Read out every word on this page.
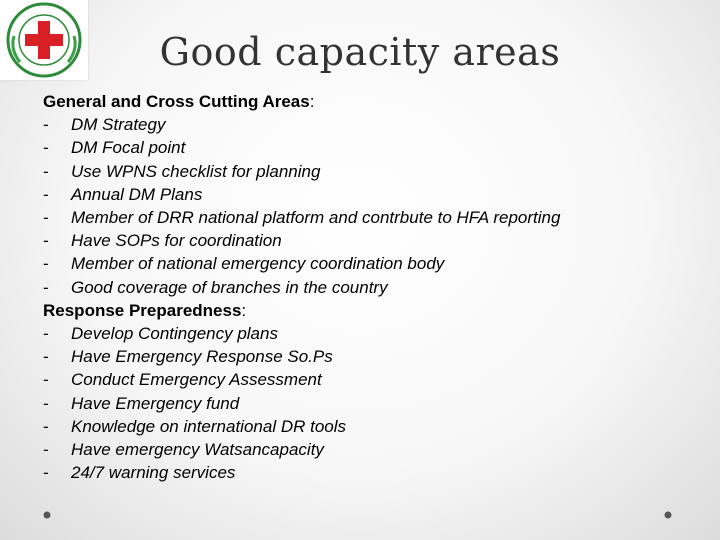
Good capacity areas
General and Cross Cutting Areas:
-	DM Strategy
-	DM Focal point
-	Use WPNS checklist for planning
-	Annual DM Plans
-	Member of DRR national platform and contrbute to HFA reporting
-	Have SOPs for coordination
-	Member of national emergency coordination body
-	Good coverage of branches in the country
Response Preparedness:
-	Develop Contingency plans
-	Have Emergency Response So.Ps
-	Conduct Emergency Assessment
-	Have Emergency fund
-	Knowledge on international DR tools
-	Have emergency Watsancapacity
-	24/7 warning services
